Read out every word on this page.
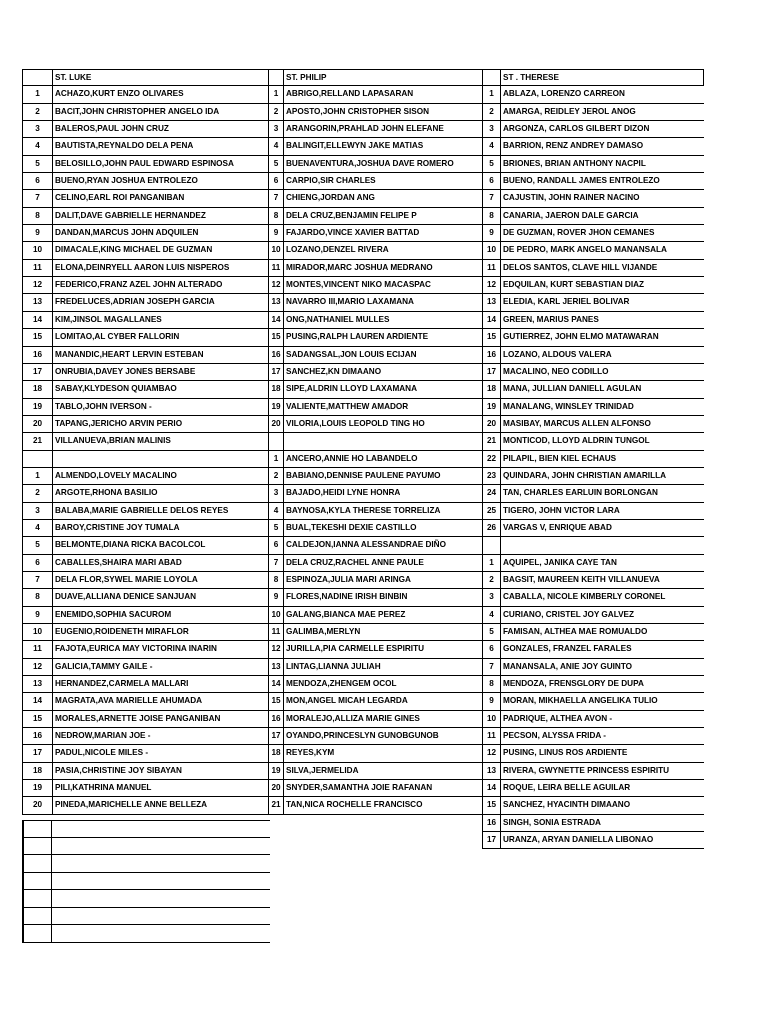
ST. LUKE
1	ACHAZO,KURT ENZO OLIVARES
2	BACIT,JOHN CHRISTOPHER ANGELO IDA
3	BALEROS,PAUL JOHN CRUZ
4	BAUTISTA,REYNALDO DELA PENA
5	BELOSILLO,JOHN PAUL EDWARD ESPINOSA
6	BUENO,RYAN JOSHUA ENTROLEZO
7	CELINO,EARL ROI PANGANIBAN
8	DALIT,DAVE GABRIELLE HERNANDEZ
9	DANDAN,MARCUS JOHN ADQUILEN
10	DIMACALE,KING MICHAEL DE GUZMAN
11	ELONA,DEINRYELL AARON LUIS NISPEROS
12	FEDERICO,FRANZ AZEL JOHN ALTERADO
13	FREDELUCES,ADRIAN JOSEPH GARCIA
14	KIM,JINSOL MAGALLANES
15	LOMITAO,AL CYBER FALLORIN
16	MANANDIC,HEART LERVIN ESTEBAN
17	ONRUBIA,DAVEY JONES BERSABE
18	SABAY,KLYDESON QUIAMBAO
19	TABLO,JOHN IVERSON -
20	TAPANG,JERICHO ARVIN PERIO
21	VILLANUEVA,BRIAN MALINIS
1	ALMENDO,LOVELY MACALINO
2	ARGOTE,RHONA BASILIO
3	BALABA,MARIE GABRIELLE DELOS REYES
4	BAROY,CRISTINE JOY TUMALA
5	BELMONTE,DIANA RICKA BACOLCOL
6	CABALLES,SHAIRA MARI ABAD
7	DELA FLOR,SYWEL MARIE LOYOLA
8	DUAVE,ALLIANA DENICE SANJUAN
9	ENEMIDO,SOPHIA SACUROM
10	EUGENIO,ROIDENETH MIRAFLOR
11	FAJOTA,EURICA MAY VICTORINA INARIN
12	GALICIA,TAMMY GAILE -
13	HERNANDEZ,CARMELA MALLARI
14	MAGRATA,AVA MARIELLE AHUMADA
15	MORALES,ARNETTE JOISE PANGANIBAN
16	NEDROW,MARIAN JOE -
17	PADUL,NICOLE MILES -
18	PASIA,CHRISTINE JOY SIBAYAN
19	PILI,KATHRINA MANUEL
20	PINEDA,MARICHELLE ANNE BELLEZA
ST. PHILIP
1 ABRIGO,RELLAND LAPASARAN
2 APOSTO,JOHN CRISTOPHER SISON
3 ARANGORIN,PRAHLAD JOHN ELEFANE
4 BALINGIT,ELLEWYN JAKE MATIAS
5 BUENAVENTURA,JOSHUA DAVE ROMERO
6 CARPIO,SIR CHARLES
7 CHIENG,JORDAN ANG
8 DELA CRUZ,BENJAMIN FELIPE P
9 FAJARDO,VINCE XAVIER BATTAD
10 LOZANO,DENZEL RIVERA
11 MIRADOR,MARC JOSHUA MEDRANO
12 MONTES,VINCENT NIKO MACASPAC
13 NAVARRO III,MARIO LAXAMANA
14 ONG,NATHANIEL MULLES
15 PUSING,RALPH LAUREN ARDIENTE
16 SADANGSAL,JON LOUIS ECIJAN
17 SANCHEZ,KN DIMAANO
18 SIPE,ALDRIN LLOYD LAXAMANA
19 VALIENTE,MATTHEW AMADOR
20 VILORIA,LOUIS LEOPOLD TING HO
1 ANCERO,ANNIE HO LABANDELO
2 BABIANO,DENNISE PAULENE PAYUMO
3 BAJADO,HEIDI LYNE HONRA
4 BAYNOSA,KYLA THERESE TORRELIZA
5 BUAL,TEKESHI DEXIE CASTILLO
6 CALDEJON,IANNA ALESSANDRAE DIÑO
7 DELA CRUZ,RACHEL ANNE PAULE
8 ESPINOZA,JULIA MARI ARINGA
9 FLORES,NADINE IRISH BINBIN
10 GALANG,BIANCA MAE PEREZ
11 GALIMBA,MERLYN
12 JURILLA,PIA CARMELLE ESPIRITU
13 LINTAG,LIANNA JULIAH
14 MENDOZA,ZHENGEM OCOL
15 MON,ANGEL MICAH LEGARDA
16 MORALEJO,ALLIZA MARIE GINES
17 OYANDO,PRINCESLYN GUNOBGUNOB
18 REYES,KYM
19 SILVA,JERMELIDA
20 SNYDER,SAMANTHA JOIE RAFANAN
21 TAN,NICA ROCHELLE FRANCISCO
ST . THERESE
1	ABLAZA, LORENZO CARREON
2	AMARGA, REIDLEY JEROL ANOG
3	ARGONZA, CARLOS GILBERT DIZON
4	BARRION, RENZ ANDREY DAMASO
5	BRIONES, BRIAN ANTHONY NACPIL
6	BUENO, RANDALL JAMES ENTROLEZO
7	CAJUSTIN, JOHN RAINER NACINO
8	CANARIA, JAERON DALE GARCIA
9	DE GUZMAN, ROVER JHON CEMANES
10 DE PEDRO, MARK ANGELO MANANSALA
11 DELOS SANTOS, CLAVE HILL VIJANDE
12 EDQUILAN, KURT SEBASTIAN DIAZ
13 ELEDIA, KARL JERIEL BOLIVAR
14 GREEN, MARIUS PANES
15 GUTIERREZ, JOHN ELMO MATAWARAN
16 LOZANO, ALDOUS VALERA
17 MACALINO, NEO CODILLO
18 MANA, JULLIAN DANIELL AGULAN
19 MANALANG, WINSLEY TRINIDAD
20 MASIBAY, MARCUS ALLEN ALFONSO
21 MONTICOD, LLOYD ALDRIN TUNGOL
22 PILAPIL, BIEN KIEL ECHAUS
23 QUINDARA, JOHN CHRISTIAN AMARILLA
24 TAN, CHARLES EARLUIN BORLONGAN
25 TIGERO, JOHN VICTOR LARA
26 VARGAS V, ENRIQUE ABAD
1	AQUIPEL, JANIKA CAYE TAN
2	BAGSIT, MAUREEN KEITH VILLANUEVA
3	CABALLA, NICOLE KIMBERLY CORONEL
4	CURIANO, CRISTEL JOY GALVEZ
5	FAMISAN, ALTHEA MAE ROMUALDO
6	GONZALES, FRANZEL FARALES
7	MANANSALA, ANIE JOY GUINTO
8	MENDOZA, FRENSGLORY DE DUPA
9	MORAN, MIKHAELLA ANGELIKA TULIO
10 PADRIQUE, ALTHEA AVON -
11 PECSON, ALYSSA FRIDA -
12 PUSING, LINUS ROS ARDIENTE
13 RIVERA, GWYNETTE PRINCESS ESPIRITU
14 ROQUE, LEIRA BELLE AGUILAR
15 SANCHEZ, HYACINTH DIMAANO
16 SINGH, SONIA ESTRADA
17 URANZA, ARYAN DANIELLA LIBONAO
